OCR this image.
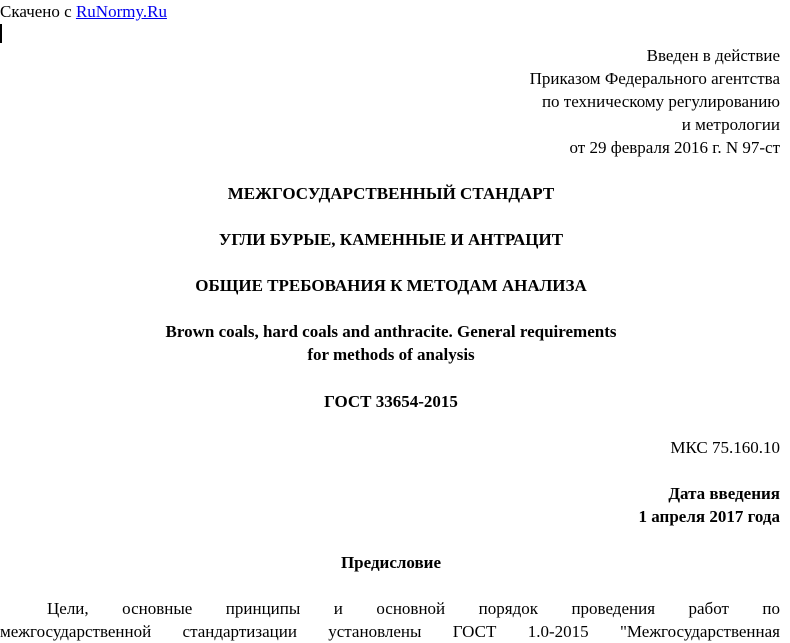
Скачено с RuNormy.Ru
Введен в действие
Приказом Федерального агентства
по техническому регулированию
и метрологии
от 29 февраля 2016 г. N 97-ст
МЕЖГОСУДАРСТВЕННЫЙ СТАНДАРТ
УГЛИ БУРЫЕ, КАМЕННЫЕ И АНТРАЦИТ
ОБЩИЕ ТРЕБОВАНИЯ К МЕТОДАМ АНАЛИЗА
Brown coals, hard coals and anthracite. General requirements
for methods of analysis
ГОСТ 33654-2015
МКС 75.160.10
Дата введения
1 апреля 2017 года
Предисловие
Цели, основные принципы и основной порядок проведения работ по
межгосударственной стандартизации установлены ГОСТ 1.0-2015 "Межгосударственная
